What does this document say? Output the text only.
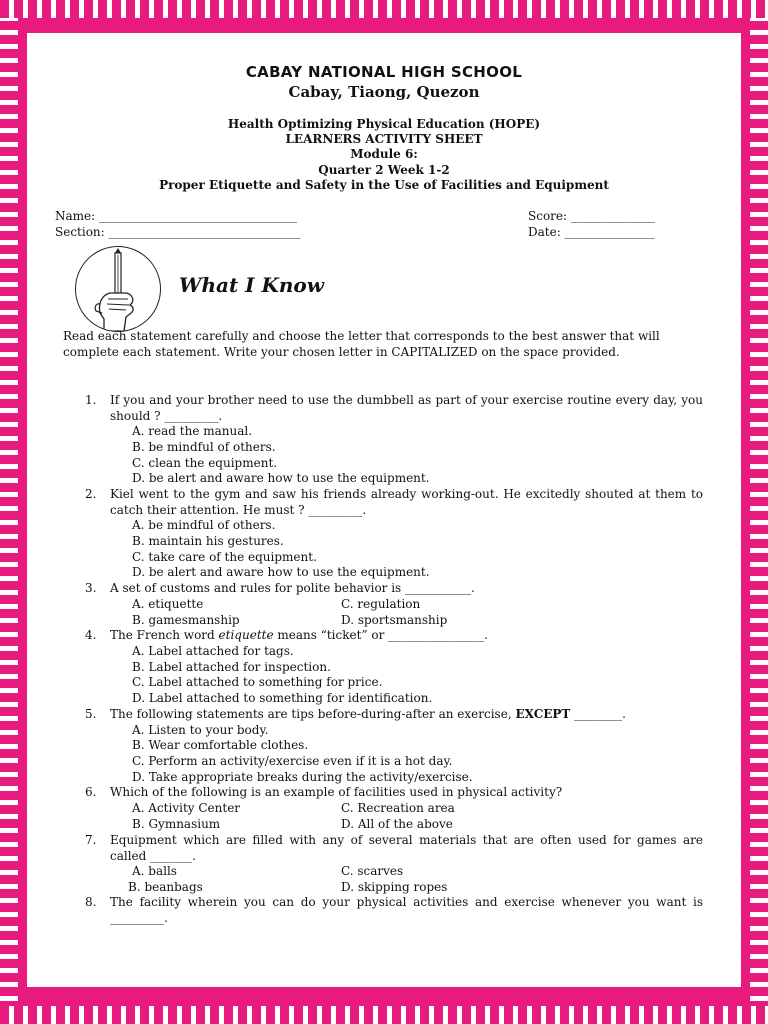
CABAY NATIONAL HIGH SCHOOL
Cabay, Tiaong, Quezon
Health Optimizing Physical Education (HOPE)
LEARNERS ACTIVITY SHEET
Module 6:
Quarter 2 Week 1-2
Proper Etiquette and Safety in the Use of Facilities and Equipment
Name: _________________________________
Section: ________________________________
Score: ______________
Date: _______________
What I Know
Read each statement carefully and choose the letter that corresponds to the best answer that will complete each statement. Write your chosen letter in CAPITALIZED on the space provided.
1. If you and your brother need to use the dumbbell as part of your exercise routine every day, you should ? _________.
A. read the manual.
B. be mindful of others.
C. clean the equipment.
D. be alert and aware how to use the equipment.
2. Kiel went to the gym and saw his friends already working-out. He excitedly shouted at them to catch their attention. He must ? _________.
A. be mindful of others.
B. maintain his gestures.
C. take care of the equipment.
D. be alert and aware how to use the equipment.
3. A set of customs and rules for polite behavior is ___________.
A. etiquette	C. regulation
B. gamesmanship	D. sportsmanship
4. The French word etiquette means “ticket” or ________________.
A. Label attached for tags.
B. Label attached for inspection.
C. Label attached to something for price.
D. Label attached to something for identification.
5. The following statements are tips before-during-after an exercise, EXCEPT ________.
A. Listen to your body.
B. Wear comfortable clothes.
C. Perform an activity/exercise even if it is a hot day.
D. Take appropriate breaks during the activity/exercise.
6. Which of the following is an example of facilities used in physical activity?
A. Activity Center	C. Recreation area
B. Gymnasium	D. All of the above
7. Equipment which are filled with any of several materials that are often used for games are called _______.
A. balls	C. scarves
B. beanbags	D. skipping ropes
8. The facility wherein you can do your physical activities and exercise whenever you want is _________.
